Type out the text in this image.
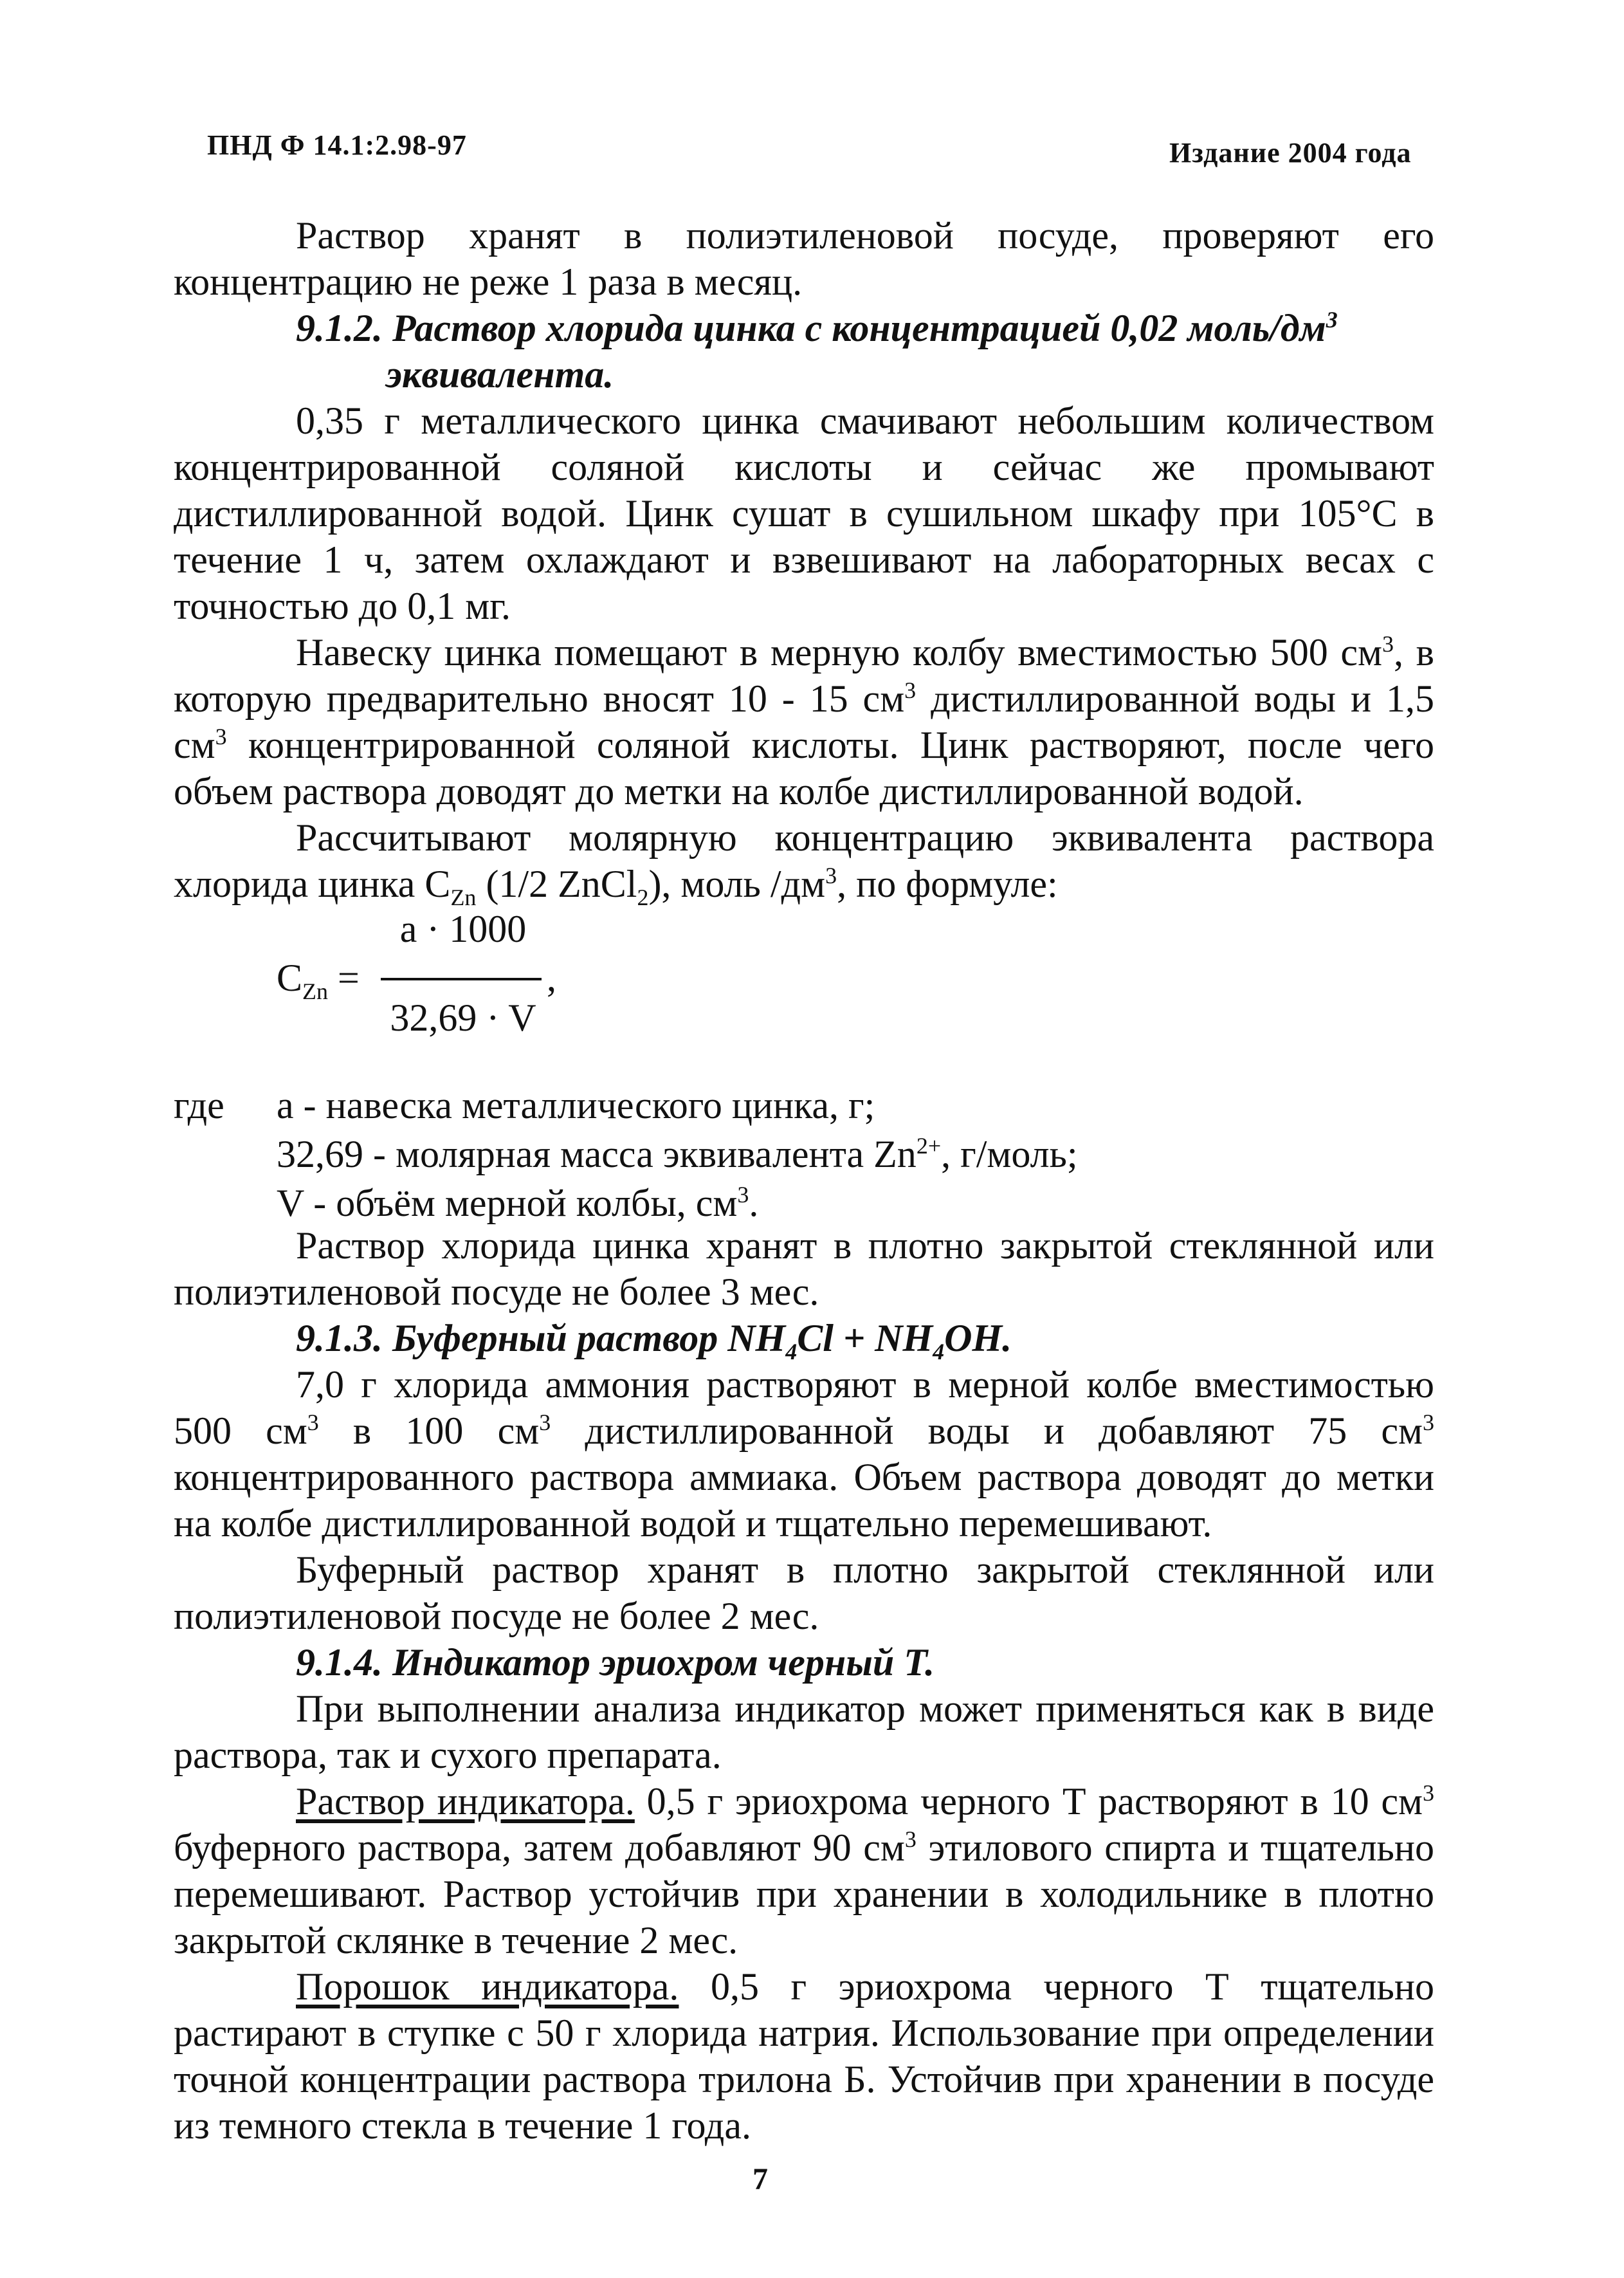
ПНД Ф 14.1:2.98-97	Издание 2004 года

Раствор хранят в полиэтиленовой посуде, проверяют его концентрацию не реже 1 раза в месяц.

9.1.2. Раствор хлорида цинка с концентрацией 0,02 моль/$дм^3$

эквивалента.

0,35 г металлического цинка смачивают небольшим количеством концентрированной соляной кислоты и сейчас же промывают дистиллированной водой. Цинк сушат в сушильном шкафу при 105°С в течение 1 ч, затем охлаждают и взвешивают на лабораторных весах с точностью до 0,1 мг.

Навеску цинка помещают в мерную колбу вместимостью 500 $см^3$, в которую предварительно вносят 10 - 15 $см^3$ дистиллированной воды и 1,5 $см^3$ концентрированной соляной кислоты. Цинк растворяют, после чего объем раствора доводят до метки на колбе дистиллированной водой.

Рассчитывают молярную концентрацию эквивалента раствора хлорида цинка $С_{Zn}$ (1/2 ZnCl$_2$), моль $/дм^3$, по формуле:

$С_{Zn}$ =
a · 1000
32,69 · V
,
где a - навеска металлического цинка, г;
32,69 - молярная масса эквивалента $Zn^{2+}$, г/моль;
V - объём мерной колбы, $см^3$.

Раствор хлорида цинка хранят в плотно закрытой стеклянной или полиэтиленовой посуде не более 3 мес.

9.1.3. Буферный раствор $NH_4Cl + NH_4OH$.

7,0 г хлорида аммония растворяют в мерной колбе вместимостью 500 $см^3$ в 100 $см^3$ дистиллированной воды и добавляют 75 $см^3$ концентрированного раствора аммиака. Объем раствора доводят до метки на колбе дистиллированной водой и тщательно перемешивают.

Буферный раствор хранят в плотно закрытой стеклянной или полиэтиленовой посуде не более 2 мес.

9.1.4. Индикатор эриохром черный Т.

При выполнении анализа индикатор может применяться как в виде раствора, так и сухого препарата.

Раствор индикатора. 0,5 г эриохрома черного Т растворяют в 10 $см^3$ буферного раствора, затем добавляют 90 $см^3$ этилового спирта и тщательно перемешивают. Раствор устойчив при хранении в холодильнике в плотно закрытой склянке в течение 2 мес.

Порошок индикатора. 0,5 г эриохрома черного Т тщательно растирают в ступке с 50 г хлорида натрия. Использование при определении точной концентрации раствора трилона Б. Устойчив при хранении в посуде из темного стекла в течение 1 года.

7
